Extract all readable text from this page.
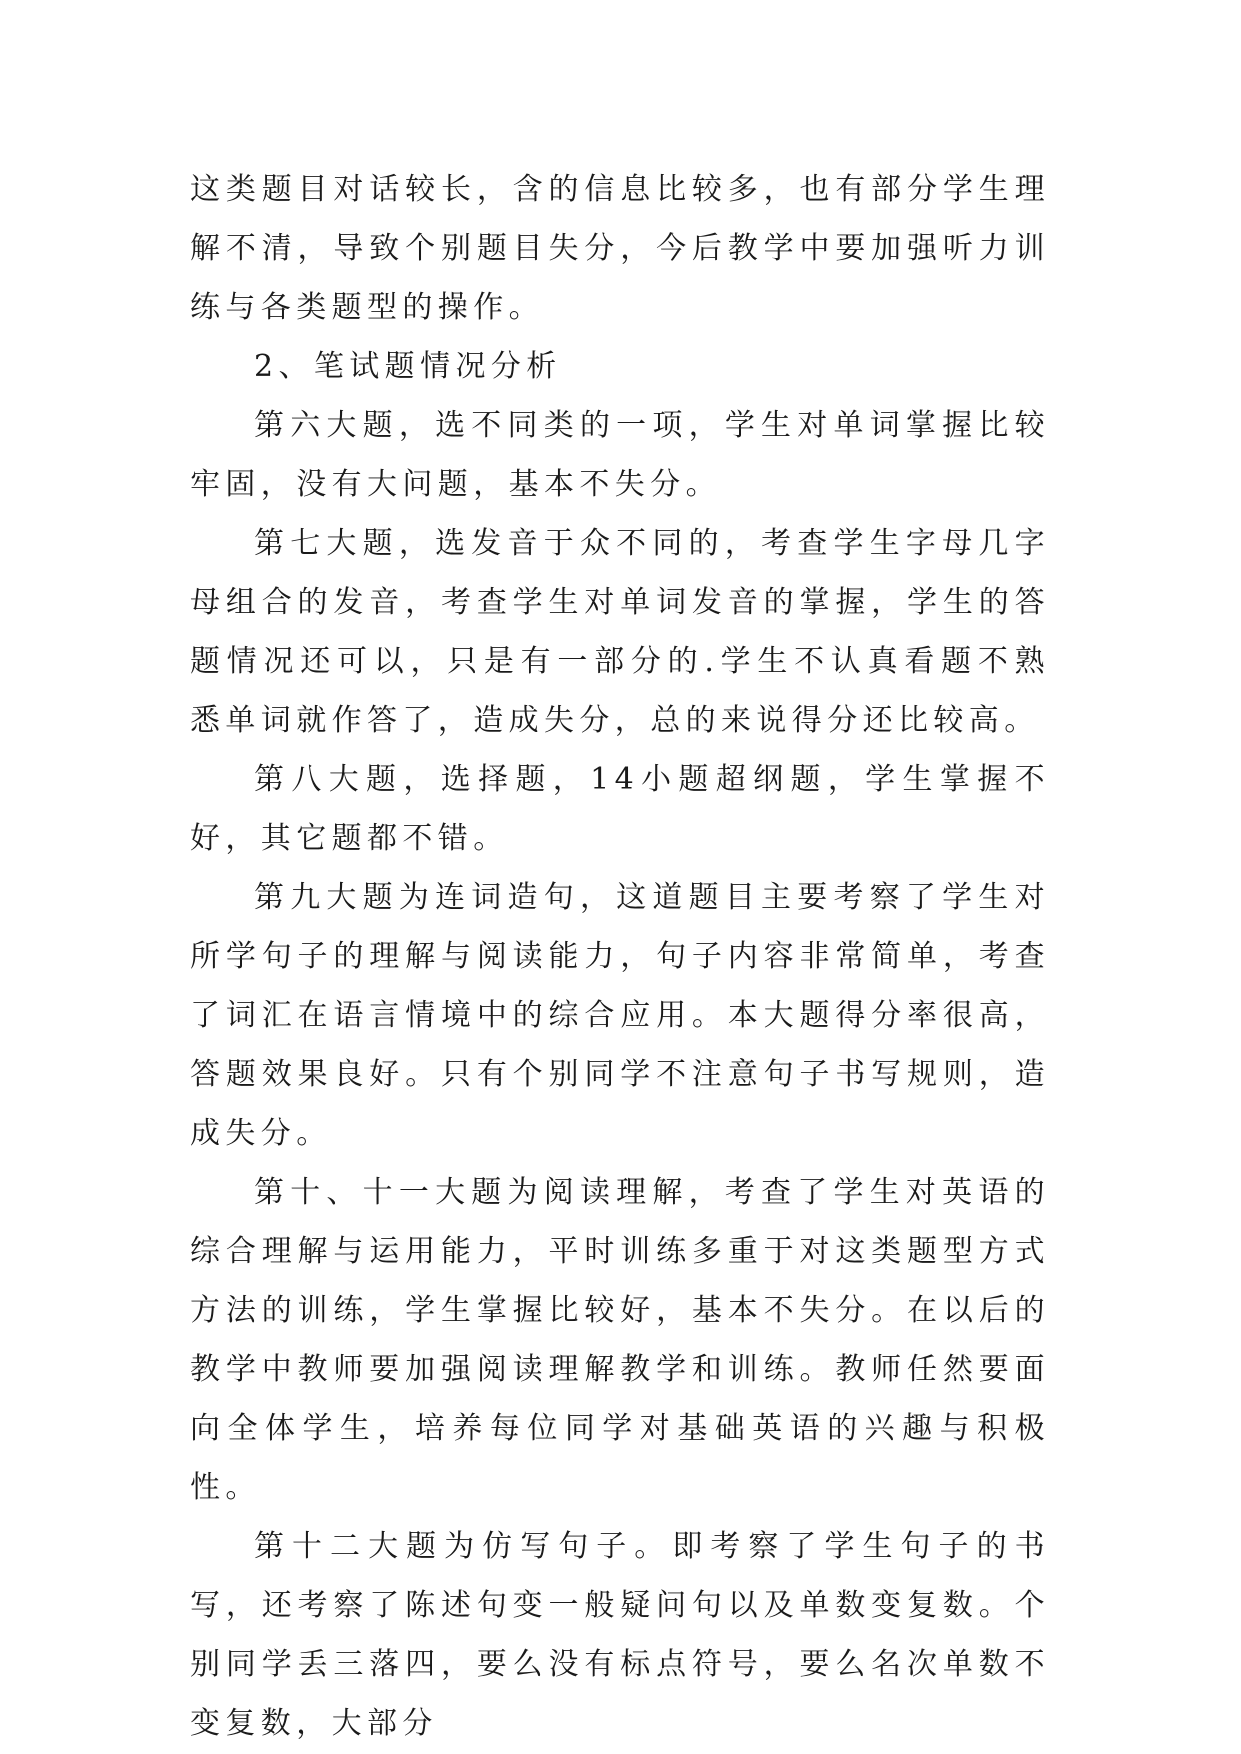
这类题目对话较长，含的信息比较多，也有部分学生理解不清，导致个别题目失分，今后教学中要加强听力训练与各类题型的操作。

2、笔试题情况分析

第六大题，选不同类的一项，学生对单词掌握比较牢固，没有大问题，基本不失分。

第七大题，选发音于众不同的，考查学生字母几字母组合的发音，考查学生对单词发音的掌握，学生的答题情况还可以，只是有一部分的.学生不认真看题不熟悉单词就作答了，造成失分，总的来说得分还比较高。

第八大题，选择题，14小题超纲题，学生掌握不好，其它题都不错。

第九大题为连词造句，这道题目主要考察了学生对所学句子的理解与阅读能力，句子内容非常简单，考查了词汇在语言情境中的综合应用。本大题得分率很高，答题效果良好。只有个别同学不注意句子书写规则，造成失分。

第十、十一大题为阅读理解，考查了学生对英语的综合理解与运用能力，平时训练多重于对这类题型方式方法的训练，学生掌握比较好，基本不失分。在以后的教学中教师要加强阅读理解教学和训练。教师任然要面向全体学生，培养每位同学对基础英语的兴趣与积极性。

第十二大题为仿写句子。即考察了学生句子的书写，还考察了陈述句变一般疑问句以及单数变复数。个别同学丢三落四，要么没有标点符号，要么名次单数不变复数，大部分
